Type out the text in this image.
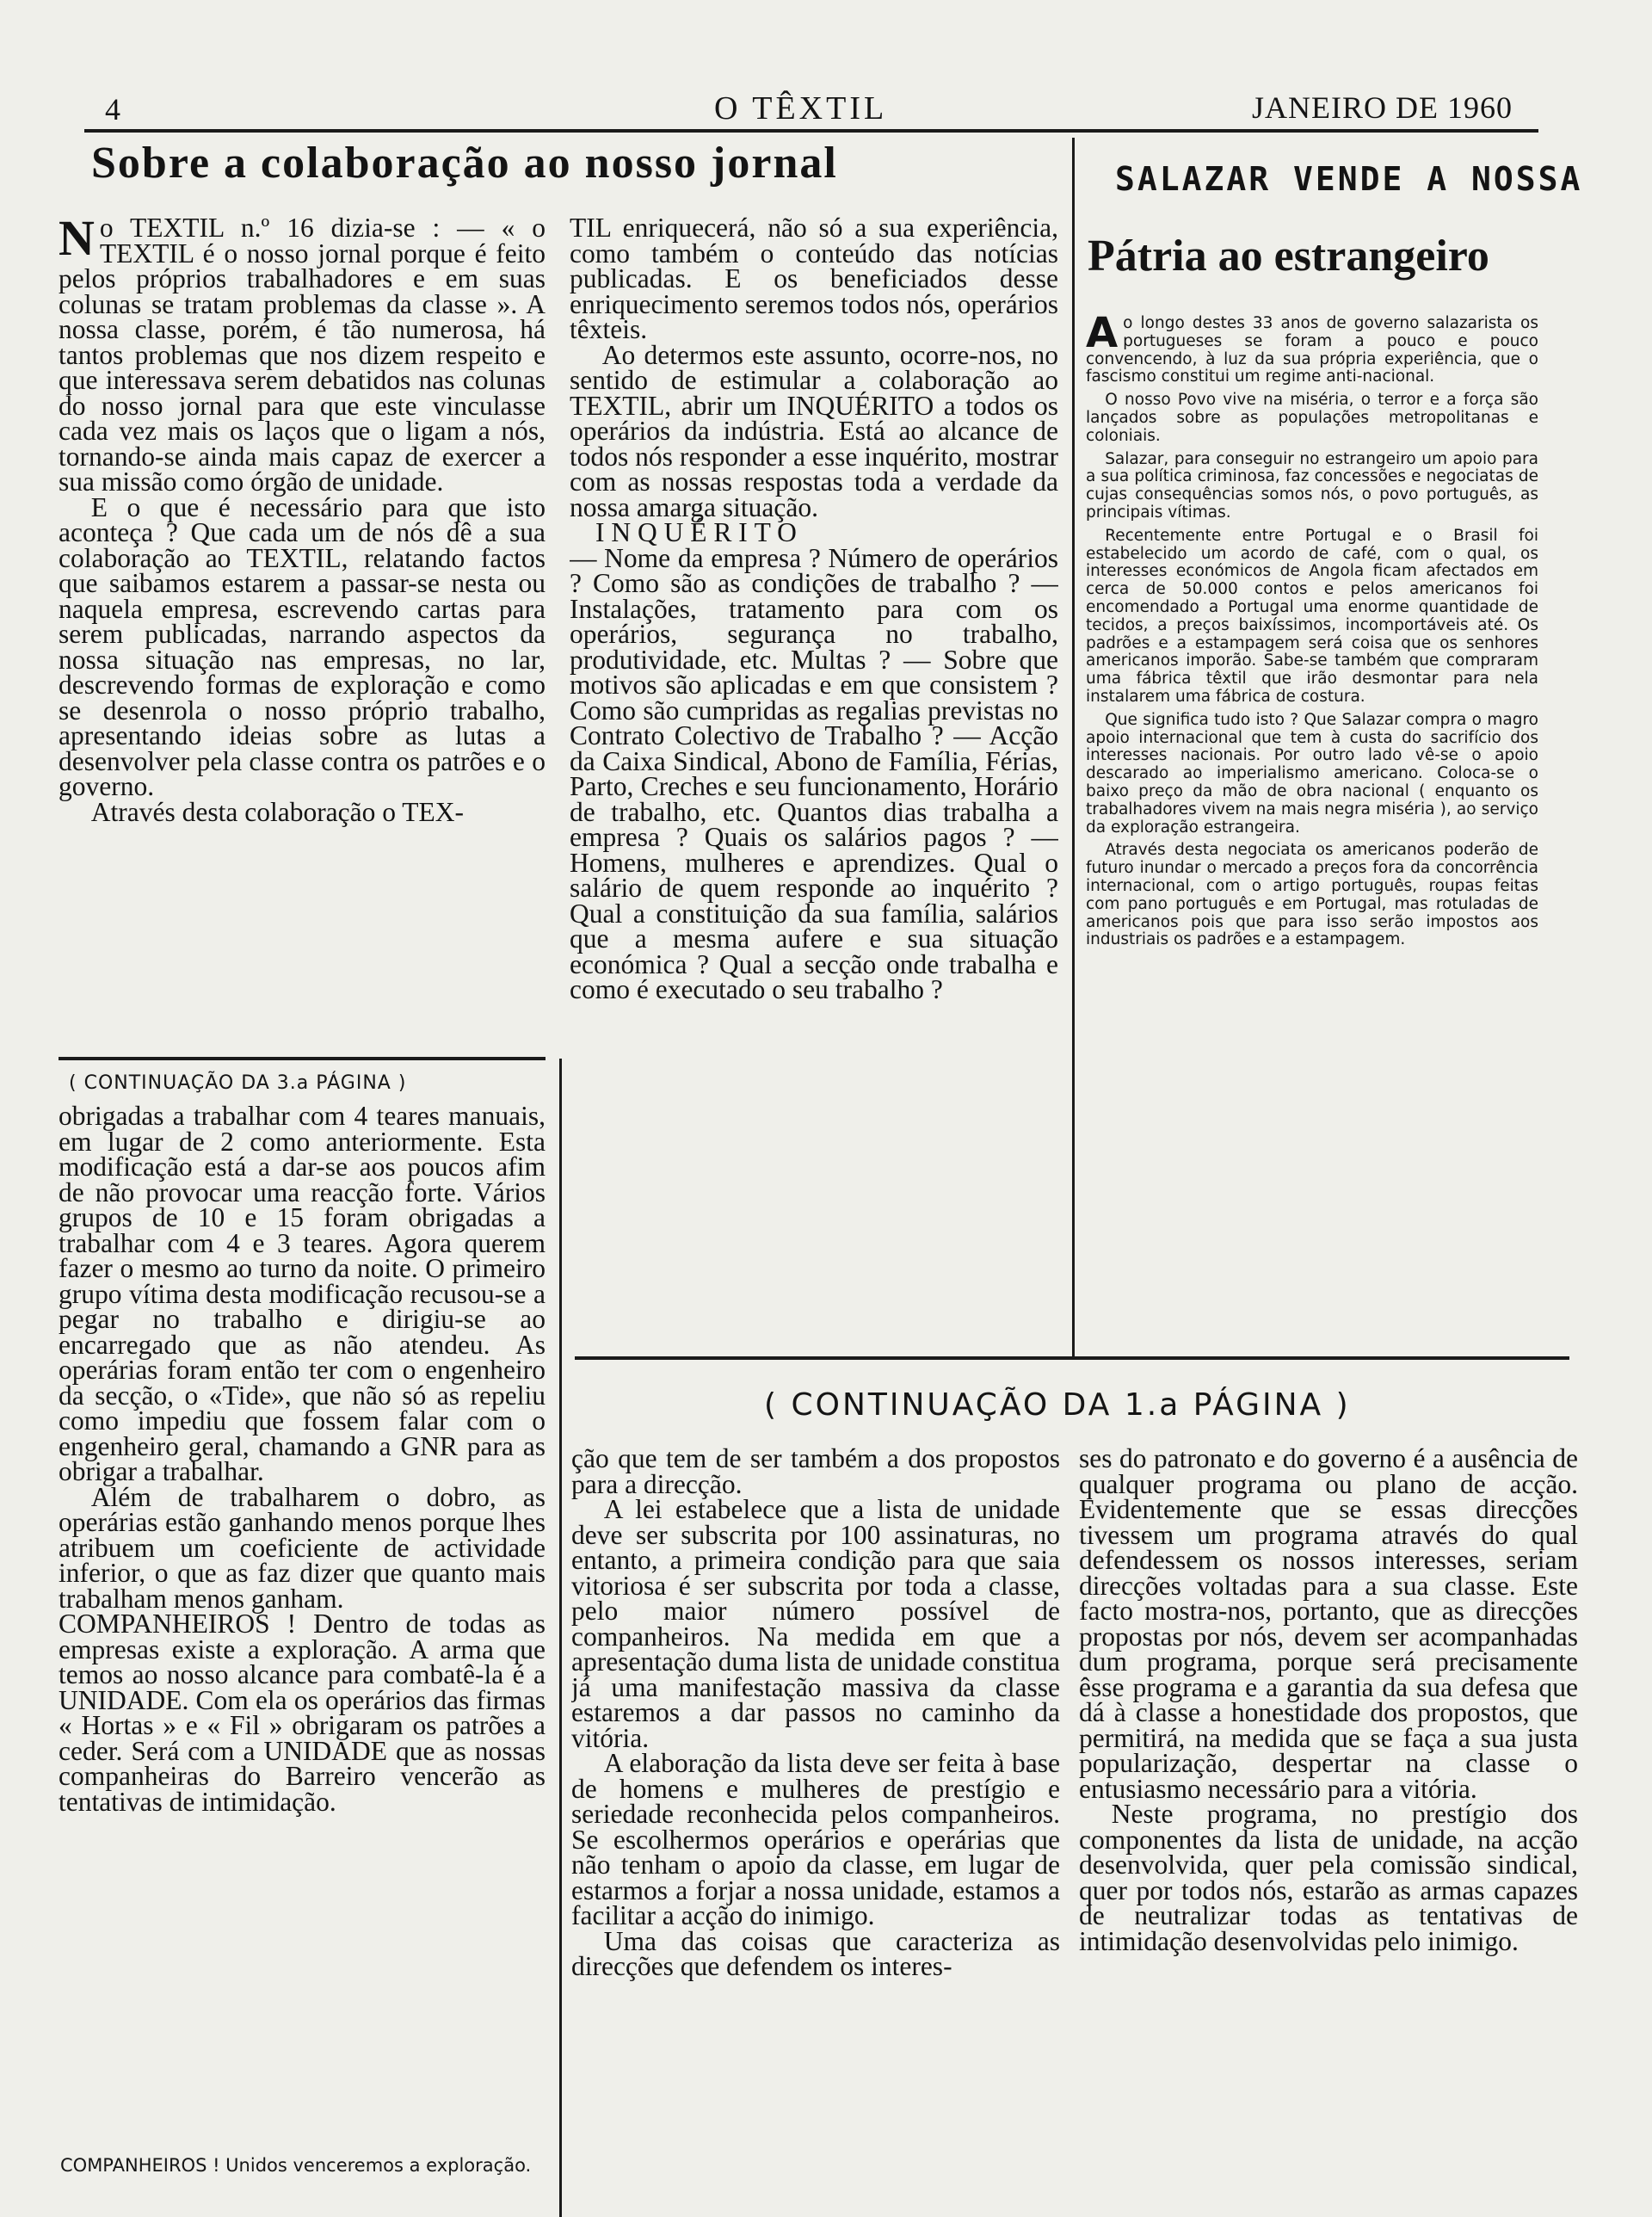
4	O TÊXTIL	JANEIRO DE 1960
Sobre a colaboração ao nosso jornal

No TEXTIL n.º 16 dizia-se : — « o TEXTIL é o nosso jornal porque é feito pelos próprios trabalhadores e em suas colunas se tratam problemas da classe ». A nossa classe, porém, é tão numerosa, há tantos problemas que nos dizem respeito e que interessava serem debatidos nas colunas do nosso jornal para que este vinculasse cada vez mais os laços que o ligam a nós, tornando-se ainda mais capaz de exercer a sua missão como órgão de unidade.

E o que é necessário para que isto aconteça ? Que cada um de nós dê a sua colaboração ao TEXTIL, relatando factos que saibamos estarem a passar-se nesta ou naquela empresa, escrevendo cartas para serem publicadas, narrando aspectos da nossa situação nas empresas, no lar, descrevendo formas de exploração e como se desenrola o nosso próprio trabalho, apresentando ideias sobre as lutas a desenvolver pela classe contra os patrões e o governo.

Através desta colaboração o TEX-

TIL enriquecerá, não só a sua experiência, como também o conteúdo das notícias publicadas. E os beneficiados desse enriquecimento seremos todos nós, operários têxteis.

Ao determos este assunto, ocorre-nos, no sentido de estimular a colaboração ao TEXTIL, abrir um INQUÉRITO a todos os operários da indústria. Está ao alcance de todos nós responder a esse inquérito, mostrar com as nossas respostas toda a verdade da nossa amarga situação.

INQUÉRITO

— Nome da empresa ? Número de operários ? Como são as condições de trabalho ? — Instalações, tratamento para com os operários, segurança no trabalho, produtividade, etc. Multas ? — Sobre que motivos são aplicadas e em que consistem ? Como são cumpridas as regalias previstas no Contrato Colectivo de Trabalho ? — Acção da Caixa Sindical, Abono de Família, Férias, Parto, Creches e seu funcionamento, Horário de trabalho, etc. Quantos dias trabalha a empresa ? Quais os salários pagos ? — Homens, mulheres e aprendizes. Qual o salário de quem responde ao inquérito ? Qual a constituição da sua família, salários que a mesma aufere e sua situação económica ? Qual a secção onde trabalha e como é executado o seu trabalho ?

SALAZAR VENDE A NOSSA
Pátria ao estrangeiro

Ao longo destes 33 anos de governo salazarista os portugueses se foram a pouco e pouco convencendo, à luz da sua própria experiência, que o fascismo constitui um regime anti-nacional.

O nosso Povo vive na miséria, o terror e a força são lançados sobre as populações metropolitanas e coloniais.

Salazar, para conseguir no estrangeiro um apoio para a sua política criminosa, faz concessões e negociatas de cujas consequências somos nós, o povo português, as principais vítimas.

Recentemente entre Portugal e o Brasil foi estabelecido um acordo de café, com o qual, os interesses económicos de Angola ficam afectados em cerca de 50.000 contos e pelos americanos foi encomendado a Portugal uma enorme quantidade de tecidos, a preços baixíssimos, incomportáveis até. Os padrões e a estampagem será coisa que os senhores americanos imporão. Sabe-se também que compraram uma fábrica têxtil que irão desmontar para nela instalarem uma fábrica de costura.

Que significa tudo isto ? Que Salazar compra o magro apoio internacional que tem à custa do sacrifício dos interesses nacionais. Por outro lado vê-se o apoio descarado ao imperialismo americano. Coloca-se o baixo preço da mão de obra nacional ( enquanto os trabalhadores vivem na mais negra miséria ), ao serviço da exploração estrangeira.

Através desta negociata os americanos poderão de futuro inundar o mercado a preços fora da concorrência internacional, com o artigo português, roupas feitas com pano português e em Portugal, mas rotuladas de americanos pois que para isso serão impostos aos industriais os padrões e a estampagem.

( CONTINUAÇÃO DA 3.a PÁGINA )

obrigadas a trabalhar com 4 teares manuais, em lugar de 2 como anteriormente. Esta modificação está a dar-se aos poucos afim de não provocar uma reacção forte. Vários grupos de 10 e 15 foram obrigadas a trabalhar com 4 e 3 teares. Agora querem fazer o mesmo ao turno da noite. O primeiro grupo vítima desta modificação recusou-se a pegar no trabalho e dirigiu-se ao encarregado que as não atendeu. As operárias foram então ter com o engenheiro da secção, o «Tide», que não só as repeliu como impediu que fossem falar com o engenheiro geral, chamando a GNR para as obrigar a trabalhar.

Além de trabalharem o dobro, as operárias estão ganhando menos porque lhes atribuem um coeficiente de actividade inferior, o que as faz dizer que quanto mais trabalham menos ganham.

COMPANHEIROS ! Dentro de todas as empresas existe a exploração. A arma que temos ao nosso alcance para combatê-la é a UNIDADE. Com ela os operários das firmas « Hortas » e « Fil » obrigaram os patrões a ceder. Será com a UNIDADE que as nossas companheiras do Barreiro vencerão as tentativas de intimidação.

COMPANHEIROS ! Unidos venceremos a exploração.
( CONTINUAÇÃO DA 1.a PÁGINA )

ção que tem de ser também a dos propostos para a direcção.

A lei estabelece que a lista de unidade deve ser subscrita por 100 assinaturas, no entanto, a primeira condição para que saia vitoriosa é ser subscrita por toda a classe, pelo maior número possível de companheiros. Na medida em que a apresentação duma lista de unidade constitua já uma manifestação massiva da classe estaremos a dar passos no caminho da vitória.

A elaboração da lista deve ser feita à base de homens e mulheres de prestígio e seriedade reconhecida pelos companheiros. Se escolhermos operários e operárias que não tenham o apoio da classe, em lugar de estarmos a forjar a nossa unidade, estamos a facilitar a acção do inimigo.

Uma das coisas que caracteriza as direcções que defendem os interes-

ses do patronato e do governo é a ausência de qualquer programa ou plano de acção. Evidentemente que se essas direcções tivessem um programa através do qual defendessem os nossos interesses, seriam direcções voltadas para a sua classe. Este facto mostra-nos, portanto, que as direcções propostas por nós, devem ser acompanhadas dum programa, porque será precisamente êsse programa e a garantia da sua defesa que dá à classe a honestidade dos propostos, que permitirá, na medida que se faça a sua justa popularização, despertar na classe o entusiasmo necessário para a vitória.

Neste programa, no prestígio dos componentes da lista de unidade, na acção desenvolvida, quer pela comissão sindical, quer por todos nós, estarão as armas capazes de neutralizar todas as tentativas de intimidação desenvolvidas pelo inimigo.
